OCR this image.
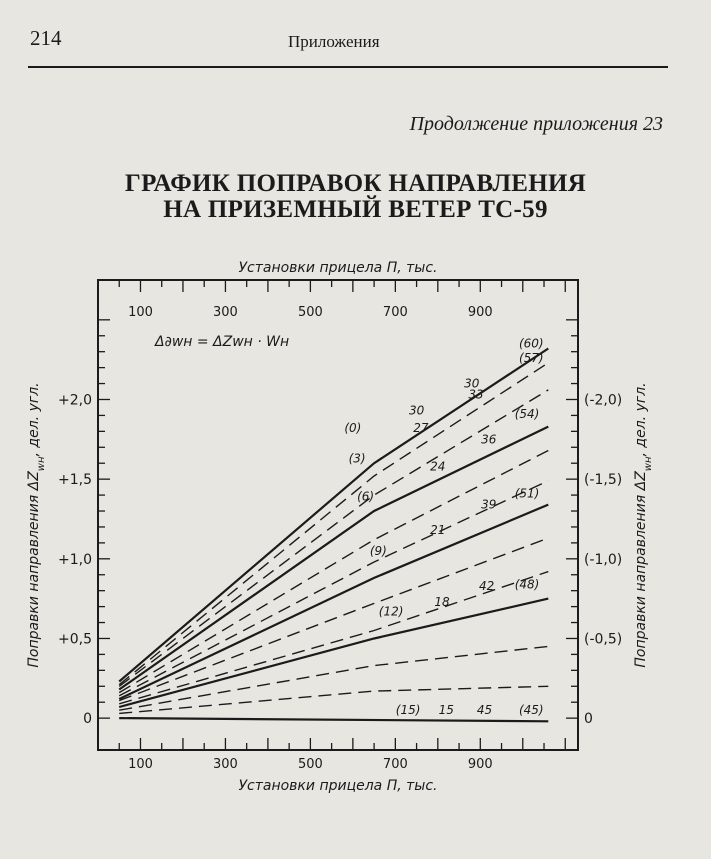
214	Приложения
Продолжение приложения 23
ГРАФИК ПОПРАВОК НАПРАВЛЕНИЯ
НА ПРИЗЕМНЫЙ ВЕТЕР ТС-59
100
100
300
300
500
500
700
700
900
900
0
+0,5
+1,0
+1,5
+2,0
0
(-0,5)
(-1,0)
(-1,5)
(-2,0)
Установки прицела П, тыс.
Установки прицела П, тыс.
Поправки направления $\Delta Z_{wн}$, дел. угл.
Поправки направления $\Delta Z_{wн}$, дел. угл.
Δ∂wн = ΔZwн · Wн
(0)
(3)
30
27
30
33
(60)
(57)
(54)
(6)
24
36
(51)
(9)
21
39
(12)
18
42 (48)
(15) 15 45 (45)
